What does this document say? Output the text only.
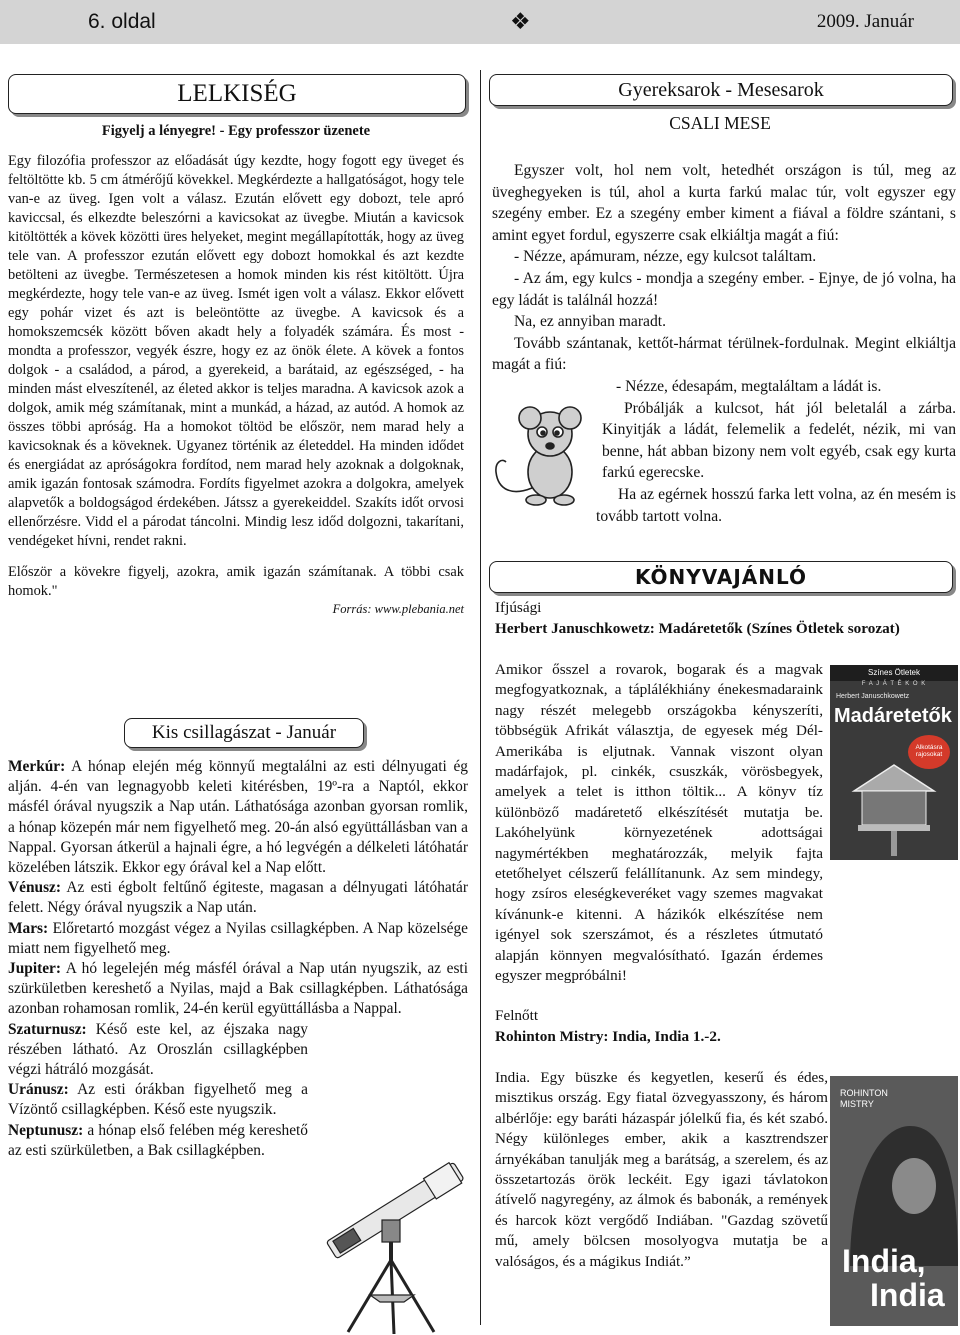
6. oldal	❖	2009. Január
LELKISÉG
Figyelj a lényegre! - Egy professzor üzenete

Egy filozófia professzor az előadását úgy kezdte, hogy fogott egy üveget és feltöltötte kb. 5 cm átmérőjű kövekkel. Megkérdezte a hallgatóságot, hogy tele van-e az üveg. Igen volt a válasz. Ezután elővett egy dobozt, tele apró kaviccsal, és elkezdte beleszórni a kavicsokat az üvegbe. Miután a kavicsok kitöltötték a kövek közötti üres helyeket, megint megállapították, hogy az üveg tele van. A professzor ezután elővett egy dobozt homokkal és azt kezdte betölteni az üvegbe. Természetesen a homok minden kis rést kitöltött. Újra megkérdezte, hogy tele van-e az üveg. Ismét igen volt a válasz. Ekkor elővett egy pohár vizet és azt is beleöntötte az üvegbe. A kavicsok és a homokszemcsék között bőven akadt hely a folyadék számára. És most - mondta a professzor, vegyék észre, hogy ez az önök élete. A kövek a fontos dolgok - a családod, a párod, a gyerekeid, a barátaid, az egészséged, - ha minden mást elveszítenél, az életed akkor is teljes maradna. A kavicsok azok a dolgok, amik még számítanak, mint a munkád, a házad, az autód. A homok az összes többi apróság. Ha a homokot töltöd be először, nem marad hely a kavicsoknak és a köveknek. Ugyanez történik az életeddel. Ha minden idődet és energiádat az apróságokra fordítod, nem marad hely azoknak a dolgoknak, amik igazán fontosak számodra. Fordíts figyelmet azokra a dolgokra, amelyek alapvetők a boldogságod érdekében. Játssz a gyerekeiddel. Szakíts időt orvosi ellenőrzésre. Vidd el a párodat táncolni. Mindig lesz időd dolgozni, takarítani, vendégeket hívni, rendet rakni.

Először a kövekre figyelj, azokra, amik igazán számítanak. A többi csak homok."

Forrás: www.plebania.net

Kis csillagászat - Január

Merkúr: A hónap elején még könnyű megtalálni az esti délnyugati ég alján. 4-én van legnagyobb keleti kitérésben, 19º-ra a Naptól, ekkor másfél órával nyugszik a Nap után. Láthatósága azonban gyorsan romlik, a hónap közepén már nem figyelhető meg. 20-án alsó együttállásban van a Nappal. Gyorsan átkerül a hajnali égre, a hó legvégén a délkeleti látóhatár közelében látszik. Ekkor egy órával kel a Nap előtt.

Vénusz: Az esti égbolt feltűnő égiteste, magasan a délnyugati látóhatár felett. Négy órával nyugszik a Nap után.

Mars: Előretartó mozgást végez a Nyilas csillagképben. A Nap közelsége miatt nem figyelhető meg.

Jupiter: A hó legelején még másfél órával a Nap után nyugszik, az esti szürkületben kereshető a Nyilas, majd a Bak csillagképben. Láthatósága azonban rohamosan romlik, 24-én kerül együttállásba a Nappal.

Szaturnusz: Késő este kel, az éjszaka nagy részében látható. Az Oroszlán csillagképben végzi hátráló mozgását.

Uránusz: Az esti órákban figyelhető meg a Vízöntő csillagképben. Késő este nyugszik.

Neptunusz: a hónap első felében még kereshető az esti szürkületben, a Bak csillagképben.

Gyereksarok - Mesesarok
CSALI MESE

Egyszer volt, hol nem volt, hetedhét országon is túl, meg az üveghegyeken is túl, ahol a kurta farkú malac túr, volt egyszer egy szegény ember. Ez a szegény ember kiment a fiával a földre szántani, s amint egyet fordul, egyszerre csak elkiáltja magát a fiú:

- Nézze, apámuram, nézze, egy kulcsot találtam.

- Az ám, egy kulcs - mondja a szegény ember. - Ejnye, de jó volna, ha egy ládát is találnál hozzá!

Na, ez annyiban maradt.

Tovább szántanak, kettőt-hármat térülnek-fordulnak. Megint elkiáltja magát a fiú:

- Nézze, édesapám, megtaláltam a ládát is.

Próbálják a kulcsot, hát jól beletalál a zárba. Kinyitják a ládát, felemelik a fedelét, nézik, mi van benne, hát abban bizony nem volt egyéb, csak egy kurta farkú egerecske.

Ha az egérnek hosszú farka lett volna, az én mesém is tovább tartott volna.

KÖNYVAJÁNLÓ
Ifjúsági
Herbert Januschkowetz: Madáretetők (Színes Ötletek sorozat)
Színes Ötletek
F A J Á T É K O K
Herbert Januschkowetz
Madáretetők
Alkotásra rajosokat

Amikor ősszel a rovarok, bogarak és a magvak megfogyatkoznak, a táplálékhiány énekesmadaraink nagy részét melegebb országokba kényszeríti, többségük Afrikát választja, de egyesek még Dél-Amerikába is eljutnak. Vannak viszont olyan madárfajok, pl. cinkék, csuszkák, vörösbegyek, amelyek a telet is itthon töltik... A könyv tíz különböző madáretető elkészítését mutatja be. Lakóhelyünk környezetének adottságai nagymértékben meghatározzák, melyik fajta etetőhelyet célszerű felállítanunk. Az sem mindegy, hogy zsíros eleségkeveréket vagy szemes magvakat kívánunk-e kitenni. A házikók elkészítése nem igényel sok szerszámot, és a részletes útmutató alapján könnyen megvalósítható. Igazán érdemes egyszer megpróbálni!

Felnőtt
Rohinton Mistry: India, India 1.-2.
ROHINTON MISTRY
India,
India

India. Egy büszke és kegyetlen, keserű és édes, misztikus ország. Egy fiatal özvegyasszony, és három albérlője: egy baráti házaspár jólelkű fia, és két szabó. Négy különleges ember, akik a kasztrendszer árnyékában tanulják meg a barátság, a szerelem, és az összetartozás örök leckéit. Egy igazi távlatokon átívelő nagyregény, az álmok és babonák, a remények és harcok közt vergődő Indiában. "Gazdag szövetű mű, amely bölcsen mosolyogva mutatja be a valóságos, és a mágikus Indiát.”
